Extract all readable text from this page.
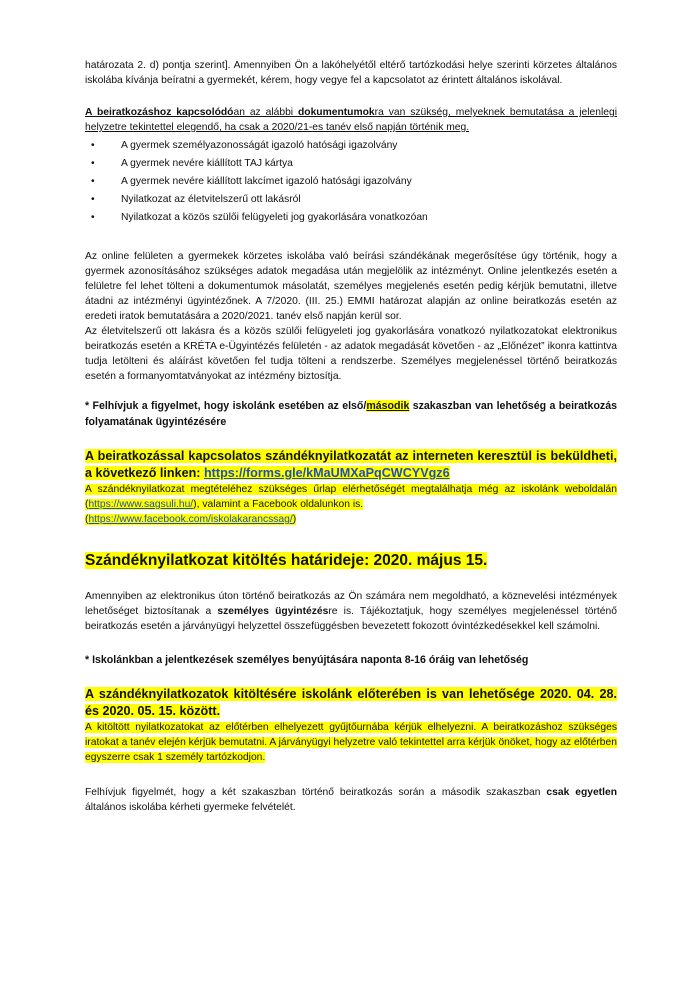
határozata 2. d) pontja szerint]. Amennyiben Ön a lakóhelyétől eltérő tartózkodási helye szerinti körzetes általános iskolába kívánja beíratni a gyermekét, kérem, hogy vegye fel a kapcsolatot az érintett általános iskolával.

A beiratkozáshoz kapcsolódóan az alábbi dokumentumokra van szükség, melyeknek bemutatása a jelenlegi helyzetre tekintettel elegendő, ha csak a 2020/21-es tanév első napján történik meg.

•	A gyermek személyazonosságát igazoló hatósági igazolvány
•	A gyermek nevére kiállított TAJ kártya
•	A gyermek nevére kiállított lakcímet igazoló hatósági igazolvány
•	Nyilatkozat az életvitelszerű ott lakásról
•	Nyilatkozat a közös szülői felügyeleti jog gyakorlására vonatkozóan

Az online felületen a gyermekek körzetes iskolába való beírási szándékának megerősítése úgy történik, hogy a gyermek azonosításához szükséges adatok megadása után megjelölik az intézményt. Online jelentkezés esetén a felületre fel lehet tölteni a dokumentumok másolatát, személyes megjelenés esetén pedig kérjük bemutatni, illetve átadni az intézményi ügyintézőnek. A 7/2020. (III. 25.) EMMI határozat alapján az online beiratkozás esetén az eredeti iratok bemutatására a 2020/2021. tanév első napján kerül sor.

Az életvitelszerű ott lakásra és a közös szülői felügyeleti jog gyakorlására vonatkozó nyilatkozatokat elektronikus beiratkozás esetén a KRÉTA e-Ügyintézés felületén - az adatok megadását követően - az „Előnézet” ikonra kattintva tudja letölteni és aláírást követően fel tudja tölteni a rendszerbe. Személyes megjelenéssel történő beiratkozás esetén a formanyomtatványokat az intézmény biztosítja.

* Felhívjuk a figyelmet, hogy iskolánk esetében az első/második szakaszban van lehetőség a beiratkozás folyamatának ügyintézésére

A beiratkozással kapcsolatos szándéknyilatkozatát az interneten keresztül is beküldheti, a következő linken: https://forms.gle/kMaUMXaPqCWCYVgz6

A szándéknyilatkozat megtételéhez szükséges űrlap elérhetőségét megtalálhatja még az iskolánk weboldalán (https://www.sagsuli.hu/), valamint a Facebook oldalunkon is.

(https://www.facebook.com/iskolakarancssag/)

Szándéknyilatkozat kitöltés határideje: 2020. május 15.

Amennyiben az elektronikus úton történő beiratkozás az Ön számára nem megoldható, a köznevelési intézmények lehetőséget biztosítanak a személyes ügyintézésre is. Tájékoztatjuk, hogy személyes megjelenéssel történő beiratkozás esetén a járványügyi helyzettel összefüggésben bevezetett fokozott óvintézkedésekkel kell számolni.

* Iskolánkban a jelentkezések személyes benyújtására naponta 8-16 óráig van lehetőség

A szándéknyilatkozatok kitöltésére iskolánk előterében is van lehetősége 2020. 04. 28. és 2020. 05. 15. között.

A kitöltött nyilatkozatokat az előtérben elhelyezett gyűjtőurnába kérjük elhelyezni. A beiratkozáshoz szükséges iratokat a tanév elején kérjük bemutatni. A járványügyi helyzetre való tekintettel arra kérjük önöket, hogy az előtérben egyszerre csak 1 személy tartózkodjon.

Felhívjuk figyelmét, hogy a két szakaszban történő beiratkozás során a második szakaszban csak egyetlen általános iskolába kérheti gyermeke felvételét.
